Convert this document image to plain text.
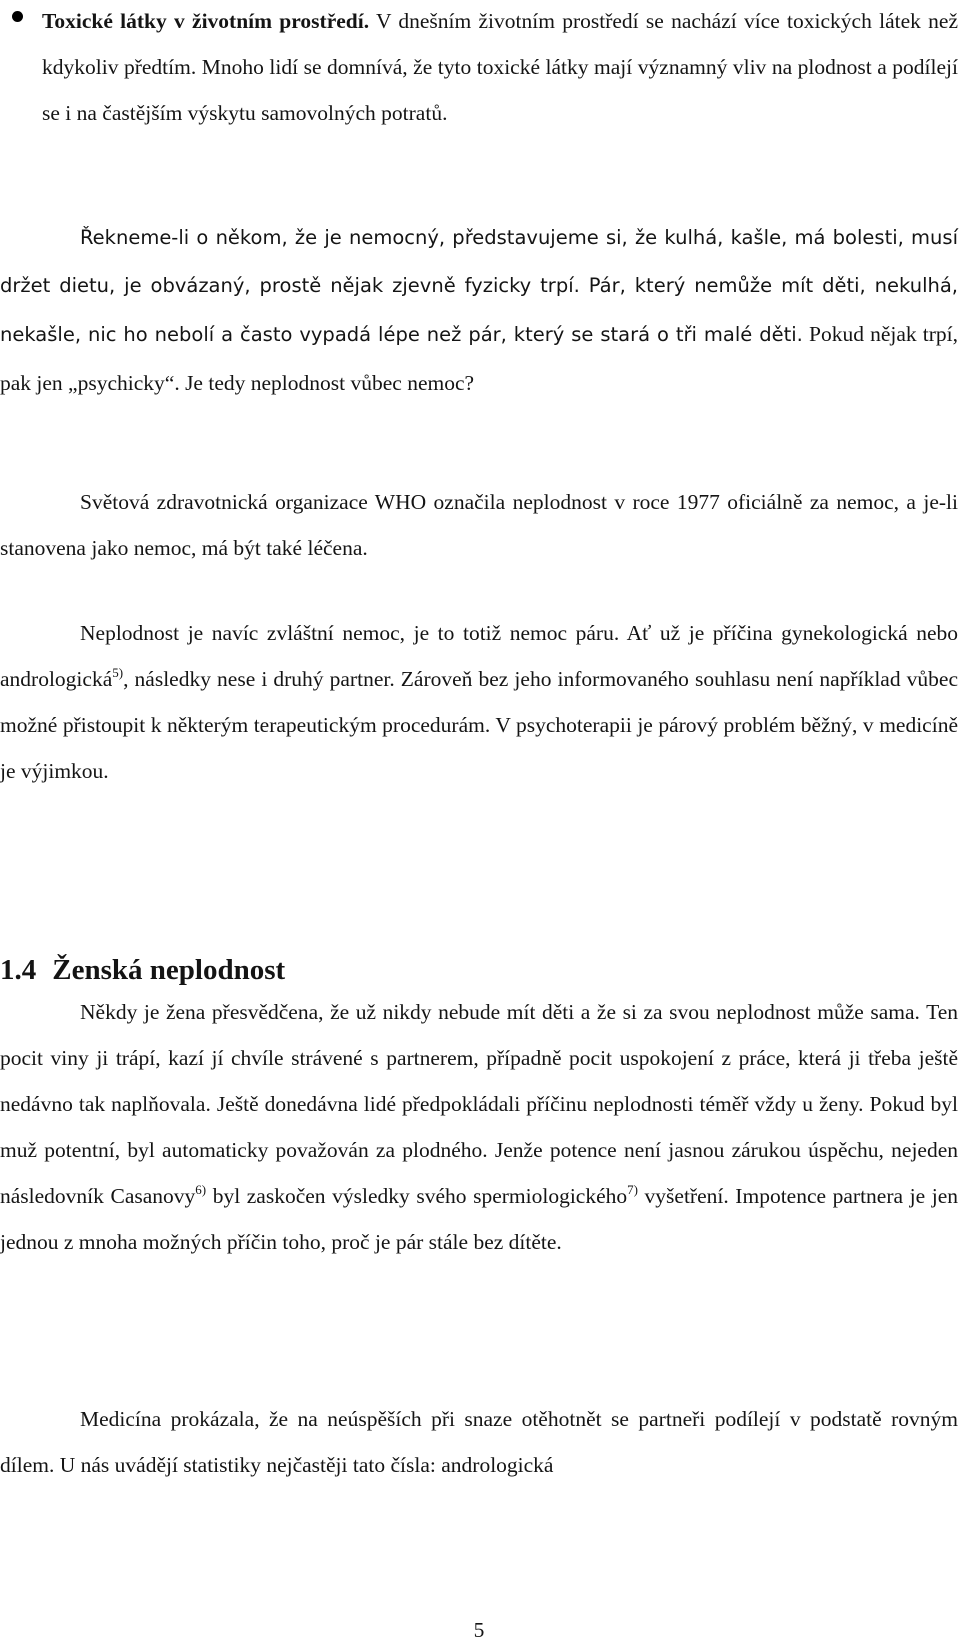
Toxické látky v životním prostředí. V dnešním životním prostředí se nachází více toxických látek než kdykoliv předtím. Mnoho lidí se domnívá, že tyto toxické látky mají významný vliv na plodnost a podílejí se i na častějším výskytu samovolných potratů.

Řekneme-li o někom, že je nemocný, představujeme si, že kulhá, kašle, má bolesti, musí držet dietu, je obvázaný, prostě nějak zjevně fyzicky trpí. Pár, který nemůže mít děti, nekulhá, nekašle, nic ho nebolí a často vypadá lépe než pár, který se stará o tři malé děti. Pokud nějak trpí, pak jen „psychicky“. Je tedy neplodnost vůbec nemoc?

Světová zdravotnická organizace WHO označila neplodnost v roce 1977 oficiálně za nemoc, a je-li stanovena jako nemoc, má být také léčena.

Neplodnost je navíc zvláštní nemoc, je to totiž nemoc páru. Ať už je příčina gynekologická nebo andrologická$^{5)}$, následky nese i druhý partner. Zároveň bez jeho informovaného souhlasu není například vůbec možné přistoupit k některým terapeutickým procedurám. V psychoterapii je párový problém běžný, v medicíně je výjimkou.

1.4 Ženská neplodnost

Někdy je žena přesvědčena, že už nikdy nebude mít děti a že si za svou neplodnost může sama. Ten pocit viny ji trápí, kazí jí chvíle strávené s partnerem, případně pocit uspokojení z práce, která ji třeba ještě nedávno tak naplňovala. Ještě donedávna lidé předpokládali příčinu neplodnosti téměř vždy u ženy. Pokud byl muž potentní, byl automaticky považován za plodného. Jenže potence není jasnou zárukou úspěchu, nejeden následovník Casanovy$^{6)}$ byl zaskočen výsledky svého spermiologického$^{7)}$ vyšetření. Impotence partnera je jen jednou z mnoha možných příčin toho, proč je pár stále bez dítěte.

Medicína prokázala, že na neúspěších při snaze otěhotnět se partneři podílejí v podstatě rovným dílem. U nás uvádějí statistiky nejčastěji tato čísla: andrologická

5
